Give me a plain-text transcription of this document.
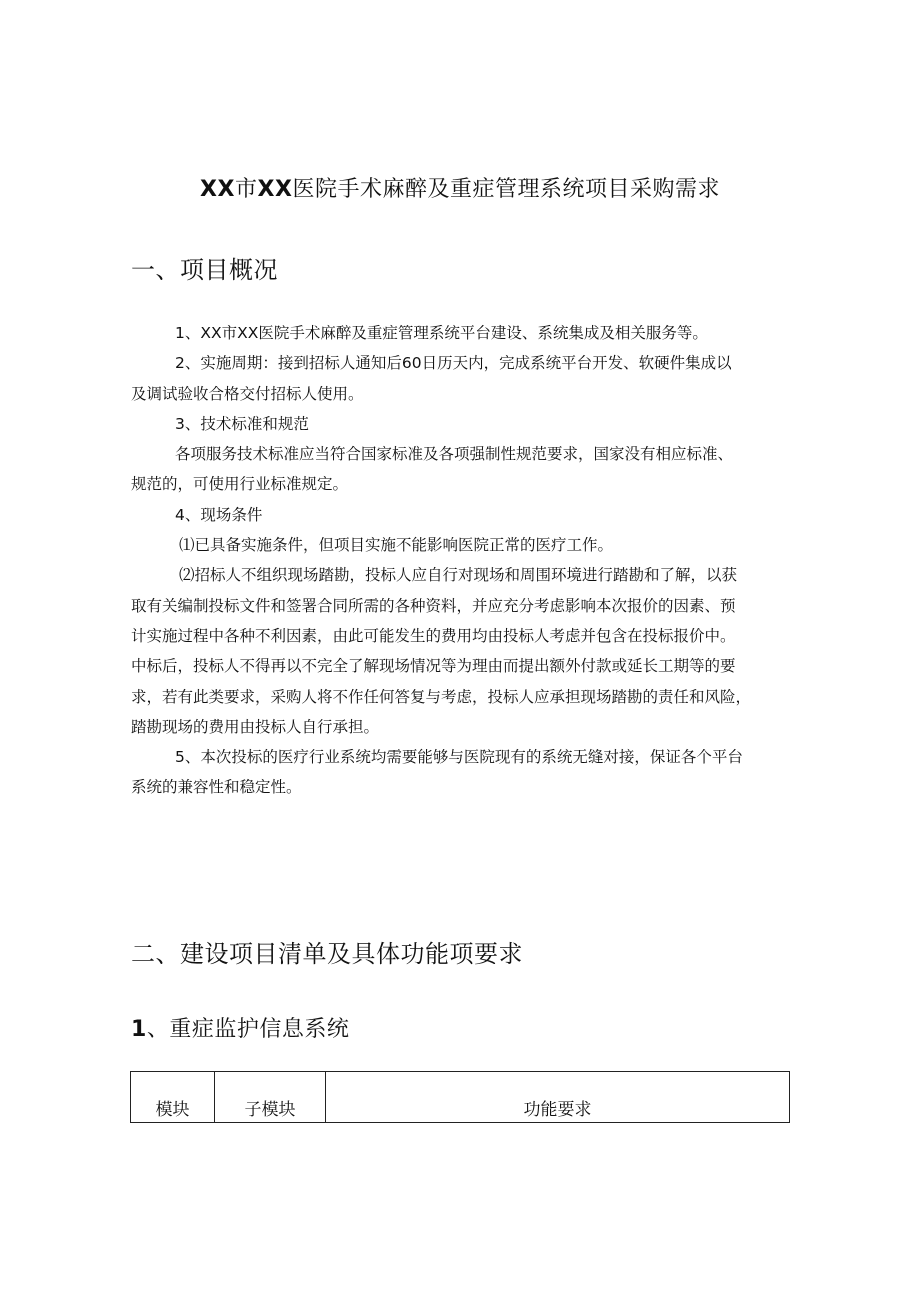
XX市XX医院手术麻醉及重症管理系统项目采购需求
一、项目概况
1、XX市XX医院手术麻醉及重症管理系统平台建设、系统集成及相关服务等。
2、实施周期：接到招标人通知后60日历天内，完成系统平台开发、软硬件集成以
及调试验收合格交付招标人使用。
3、技术标准和规范
各项服务技术标准应当符合国家标准及各项强制性规范要求，国家没有相应标准、
规范的，可使用行业标准规定。
4、现场条件
⑴已具备实施条件，但项目实施不能影响医院正常的医疗工作。
⑵招标人不组织现场踏勘，投标人应自行对现场和周围环境进行踏勘和了解，以获
取有关编制投标文件和签署合同所需的各种资料，并应充分考虑影响本次报价的因素、预
计实施过程中各种不利因素，由此可能发生的费用均由投标人考虑并包含在投标报价中。
中标后，投标人不得再以不完全了解现场情况等为理由而提出额外付款或延长工期等的要
求，若有此类要求，采购人将不作任何答复与考虑，投标人应承担现场踏勘的责任和风险，
踏勘现场的费用由投标人自行承担。
5、本次投标的医疗行业系统均需要能够与医院现有的系统无缝对接，保证各个平台
系统的兼容性和稳定性。
二、建设项目清单及具体功能项要求
1、重症监护信息系统
模块	子模块	功能要求
